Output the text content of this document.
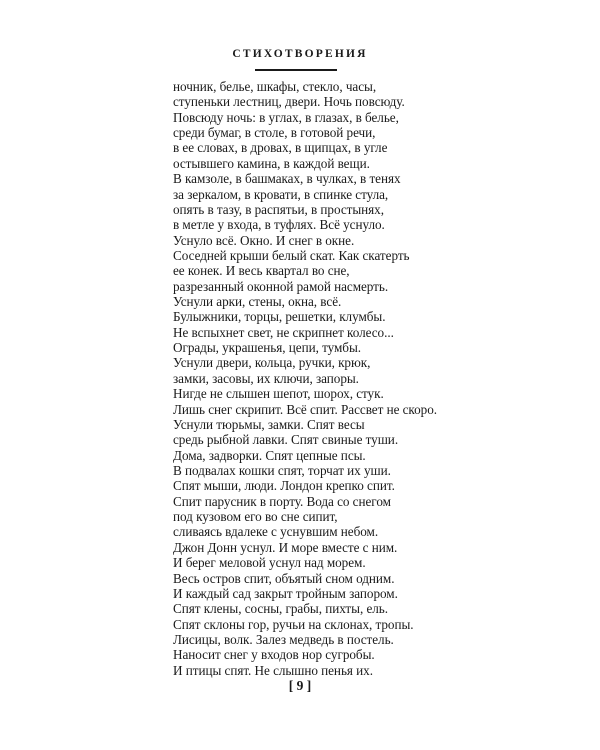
СТИХОТВОРЕНИЯ
ночник, белье, шкафы, стекло, часы,
ступеньки лестниц, двери. Ночь повсюду.
Повсюду ночь: в углах, в глазах, в белье,
среди бумаг, в столе, в готовой речи,
в ее словах, в дровах, в щипцах, в угле
остывшего камина, в каждой вещи.
В камзоле, в башмаках, в чулках, в тенях
за зеркалом, в кровати, в спинке стула,
опять в тазу, в распятьи, в простынях,
в метле у входа, в туфлях. Всё уснуло.
Уснуло всё. Окно. И снег в окне.
Соседней крыши белый скат. Как скатерть
ее конек. И весь квартал во сне,
разрезанный оконной рамой насмерть.
Уснули арки, стены, окна, всё.
Булыжники, торцы, решетки, клумбы.
Не вспыхнет свет, не скрипнет колесо...
Ограды, украшенья, цепи, тумбы.
Уснули двери, кольца, ручки, крюк,
замки, засовы, их ключи, запоры.
Нигде не слышен шепот, шорох, стук.
Лишь снег скрипит. Всё спит. Рассвет не скоро.
Уснули тюрьмы, замки. Спят весы
средь рыбной лавки. Спят свиные туши.
Дома, задворки. Спят цепные псы.
В подвалах кошки спят, торчат их уши.
Спят мыши, люди. Лондон крепко спит.
Спит парусник в порту. Вода со снегом
под кузовом его во сне сипит,
сливаясь вдалеке с уснувшим небом.
Джон Донн уснул. И море вместе с ним.
И берег меловой уснул над морем.
Весь остров спит, объятый сном одним.
И каждый сад закрыт тройным запором.
Спят клены, сосны, грабы, пихты, ель.
Спят склоны гор, ручьи на склонах, тропы.
Лисицы, волк. Залез медведь в постель.
Наносит снег у входов нор сугробы.
И птицы спят. Не слышно пенья их.
[ 9 ]
